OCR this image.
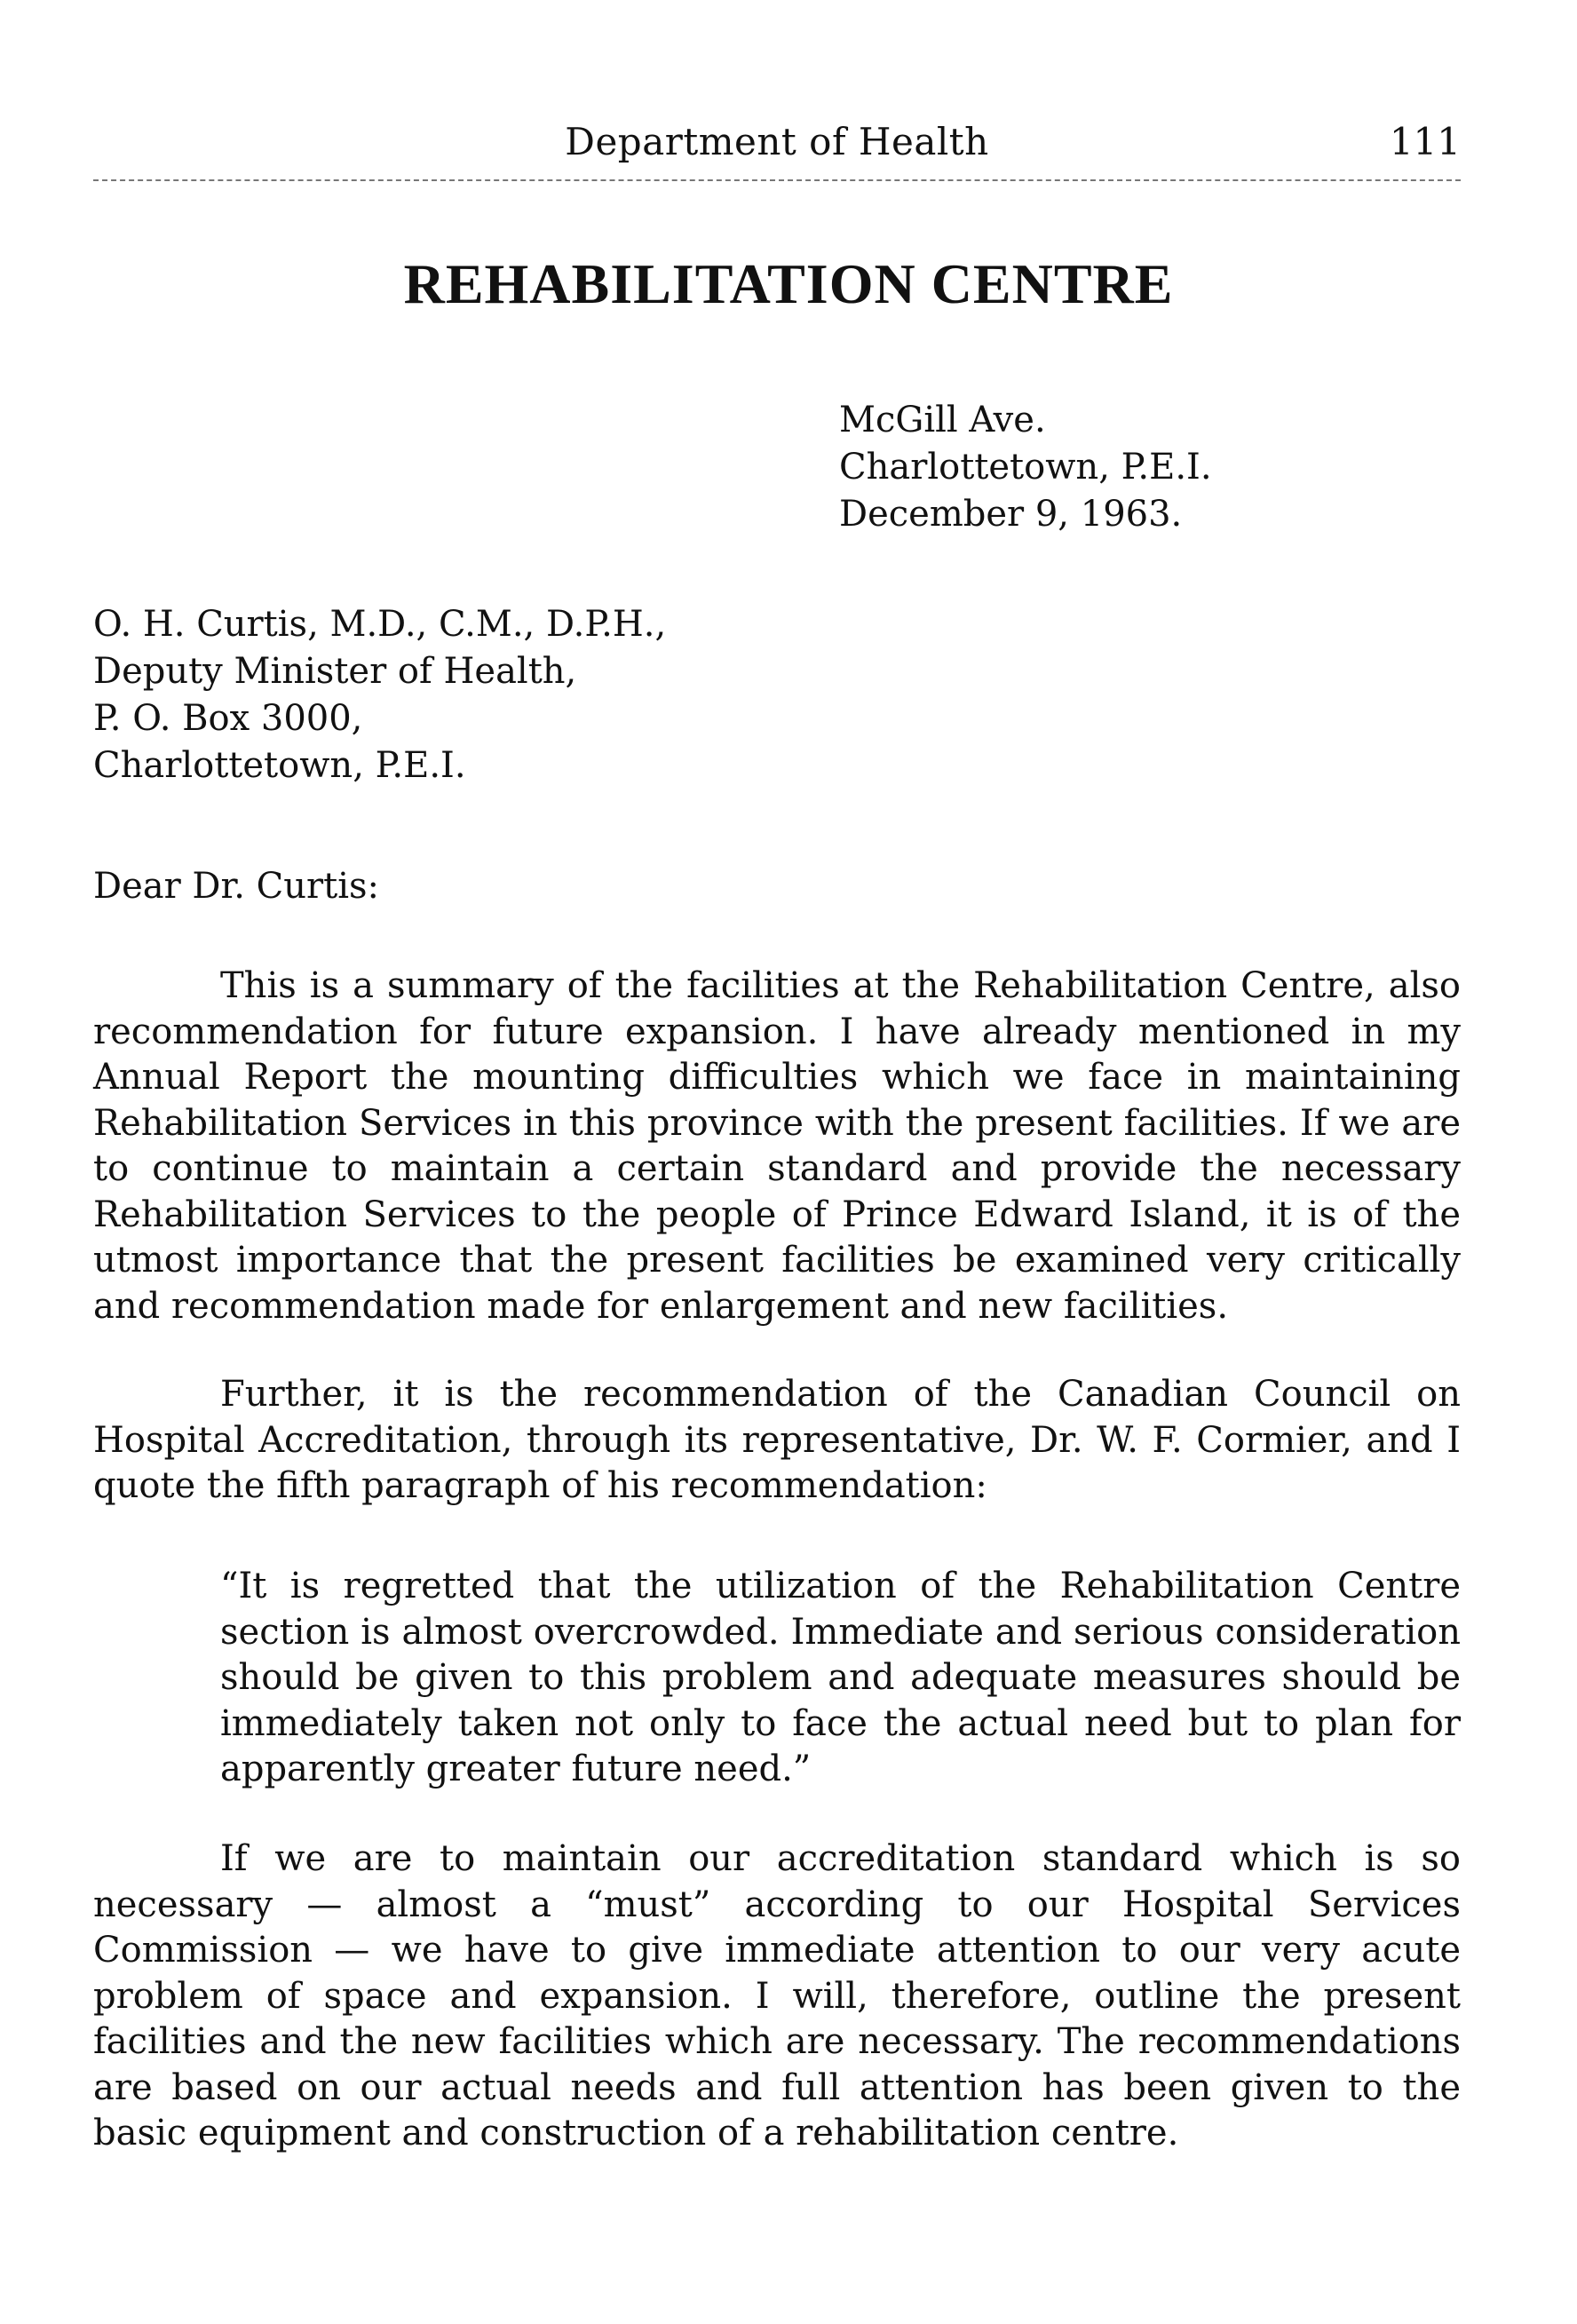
Department of Health	111
REHABILITATION CENTRE
McGill Ave.
Charlottetown, P.E.I.
December 9, 1963.
O. H. Curtis, M.D., C.M., D.P.H.,
Deputy Minister of Health,
P. O. Box 3000,
Charlottetown, P.E.I.
Dear Dr. Curtis:

This is a summary of the facilities at the Rehabilitation Centre, also recommendation for future expansion. I have already mentioned in my Annual Report the mounting difficulties which we face in maintaining Rehabilitation Services in this province with the present facilities. If we are to continue to maintain a certain standard and provide the necessary Rehabilitation Services to the people of Prince Edward Island, it is of the utmost importance that the present facilities be examined very critically and recommendation made for enlargement and new facilities.

Further, it is the recommendation of the Canadian Council on Hospital Accreditation, through its representative, Dr. W. F. Cormier, and I quote the fifth paragraph of his recommendation:

“It is regretted that the utilization of the Rehabilitation Centre section is almost overcrowded. Immediate and serious consideration should be given to this problem and adequate measures should be immediately taken not only to face the actual need but to plan for apparently greater future need.”

If we are to maintain our accreditation standard which is so necessary — almost a “must” according to our Hospital Services Commission — we have to give immediate attention to our very acute problem of space and expansion. I will, therefore, outline the present facilities and the new facilities which are necessary. The recommendations are based on our actual needs and full attention has been given to the basic equipment and construction of a rehabilitation centre.
